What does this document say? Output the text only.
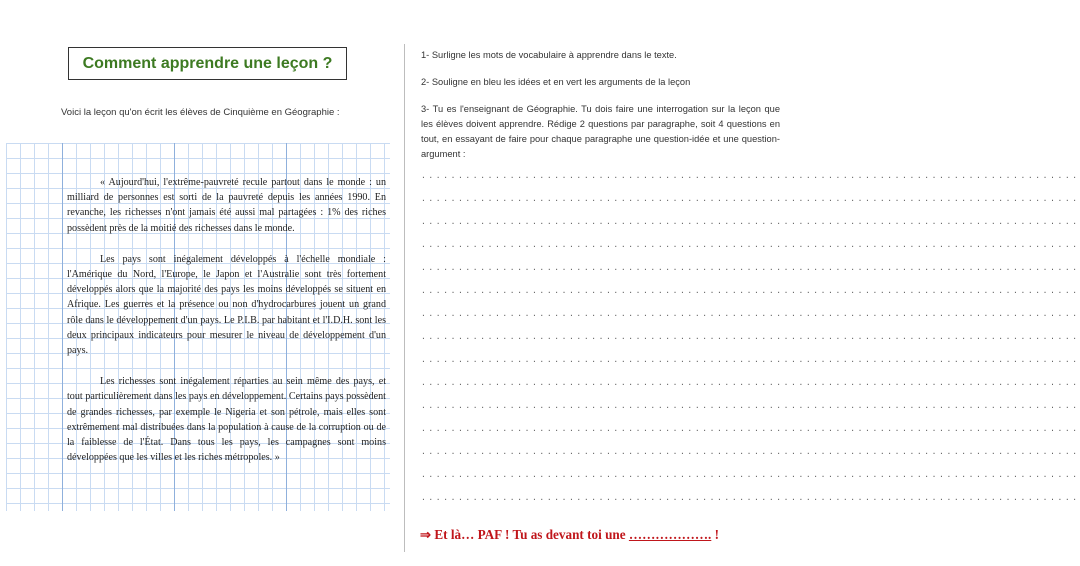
Comment apprendre une leçon ?
Voici la leçon qu'on écrit les élèves de Cinquième en Géographie :

« Aujourd'hui, l'extrême-pauvreté recule partout dans le monde : un milliard de personnes est sorti de la pauvreté depuis les années 1990. En revanche, les richesses n'ont jamais été aussi mal partagées : 1% des riches possèdent près de la moitié des richesses dans le monde.

Les pays sont inégalement développés à l'échelle mondiale : l'Amérique du Nord, l'Europe, le Japon et l'Australie sont très fortement développés alors que la majorité des pays les moins développés se situent en Afrique. Les guerres et la présence ou non d'hydrocarbures jouent un grand rôle dans le développement d'un pays. Le P.I.B. par habitant et l'I.D.H. sont les deux principaux indicateurs pour mesurer le niveau de développement d'un pays.

Les richesses sont inégalement réparties au sein même des pays, et tout particulièrement dans les pays en développement. Certains pays possèdent de grandes richesses, par exemple le Nigeria et son pétrole, mais elles sont extrêmement mal distribuées dans la population à cause de la corruption ou de la faiblesse de l'État. Dans tous les pays, les campagnes sont moins développées que les villes et les riches métropoles. »

1- Surligne les mots de vocabulaire à apprendre dans le texte.

2- Souligne en bleu les idées et en vert les arguments de la leçon

3- Tu es l'enseignant de Géographie. Tu dois faire une interrogation sur la leçon que les élèves doivent apprendre. Rédige 2 questions par paragraphe, soit 4 questions en tout, en essayant de faire pour chaque paragraphe une question-idée et une question-argument :

.........................................................................................
.........................................................................................
.........................................................................................
.........................................................................................
.........................................................................................
.........................................................................................
.........................................................................................
.........................................................................................
.........................................................................................
.........................................................................................
.........................................................................................
.........................................................................................
.........................................................................................
.........................................................................................
.........................................................................................
⇒ Et là… PAF ! Tu as devant toi une ………………. !
